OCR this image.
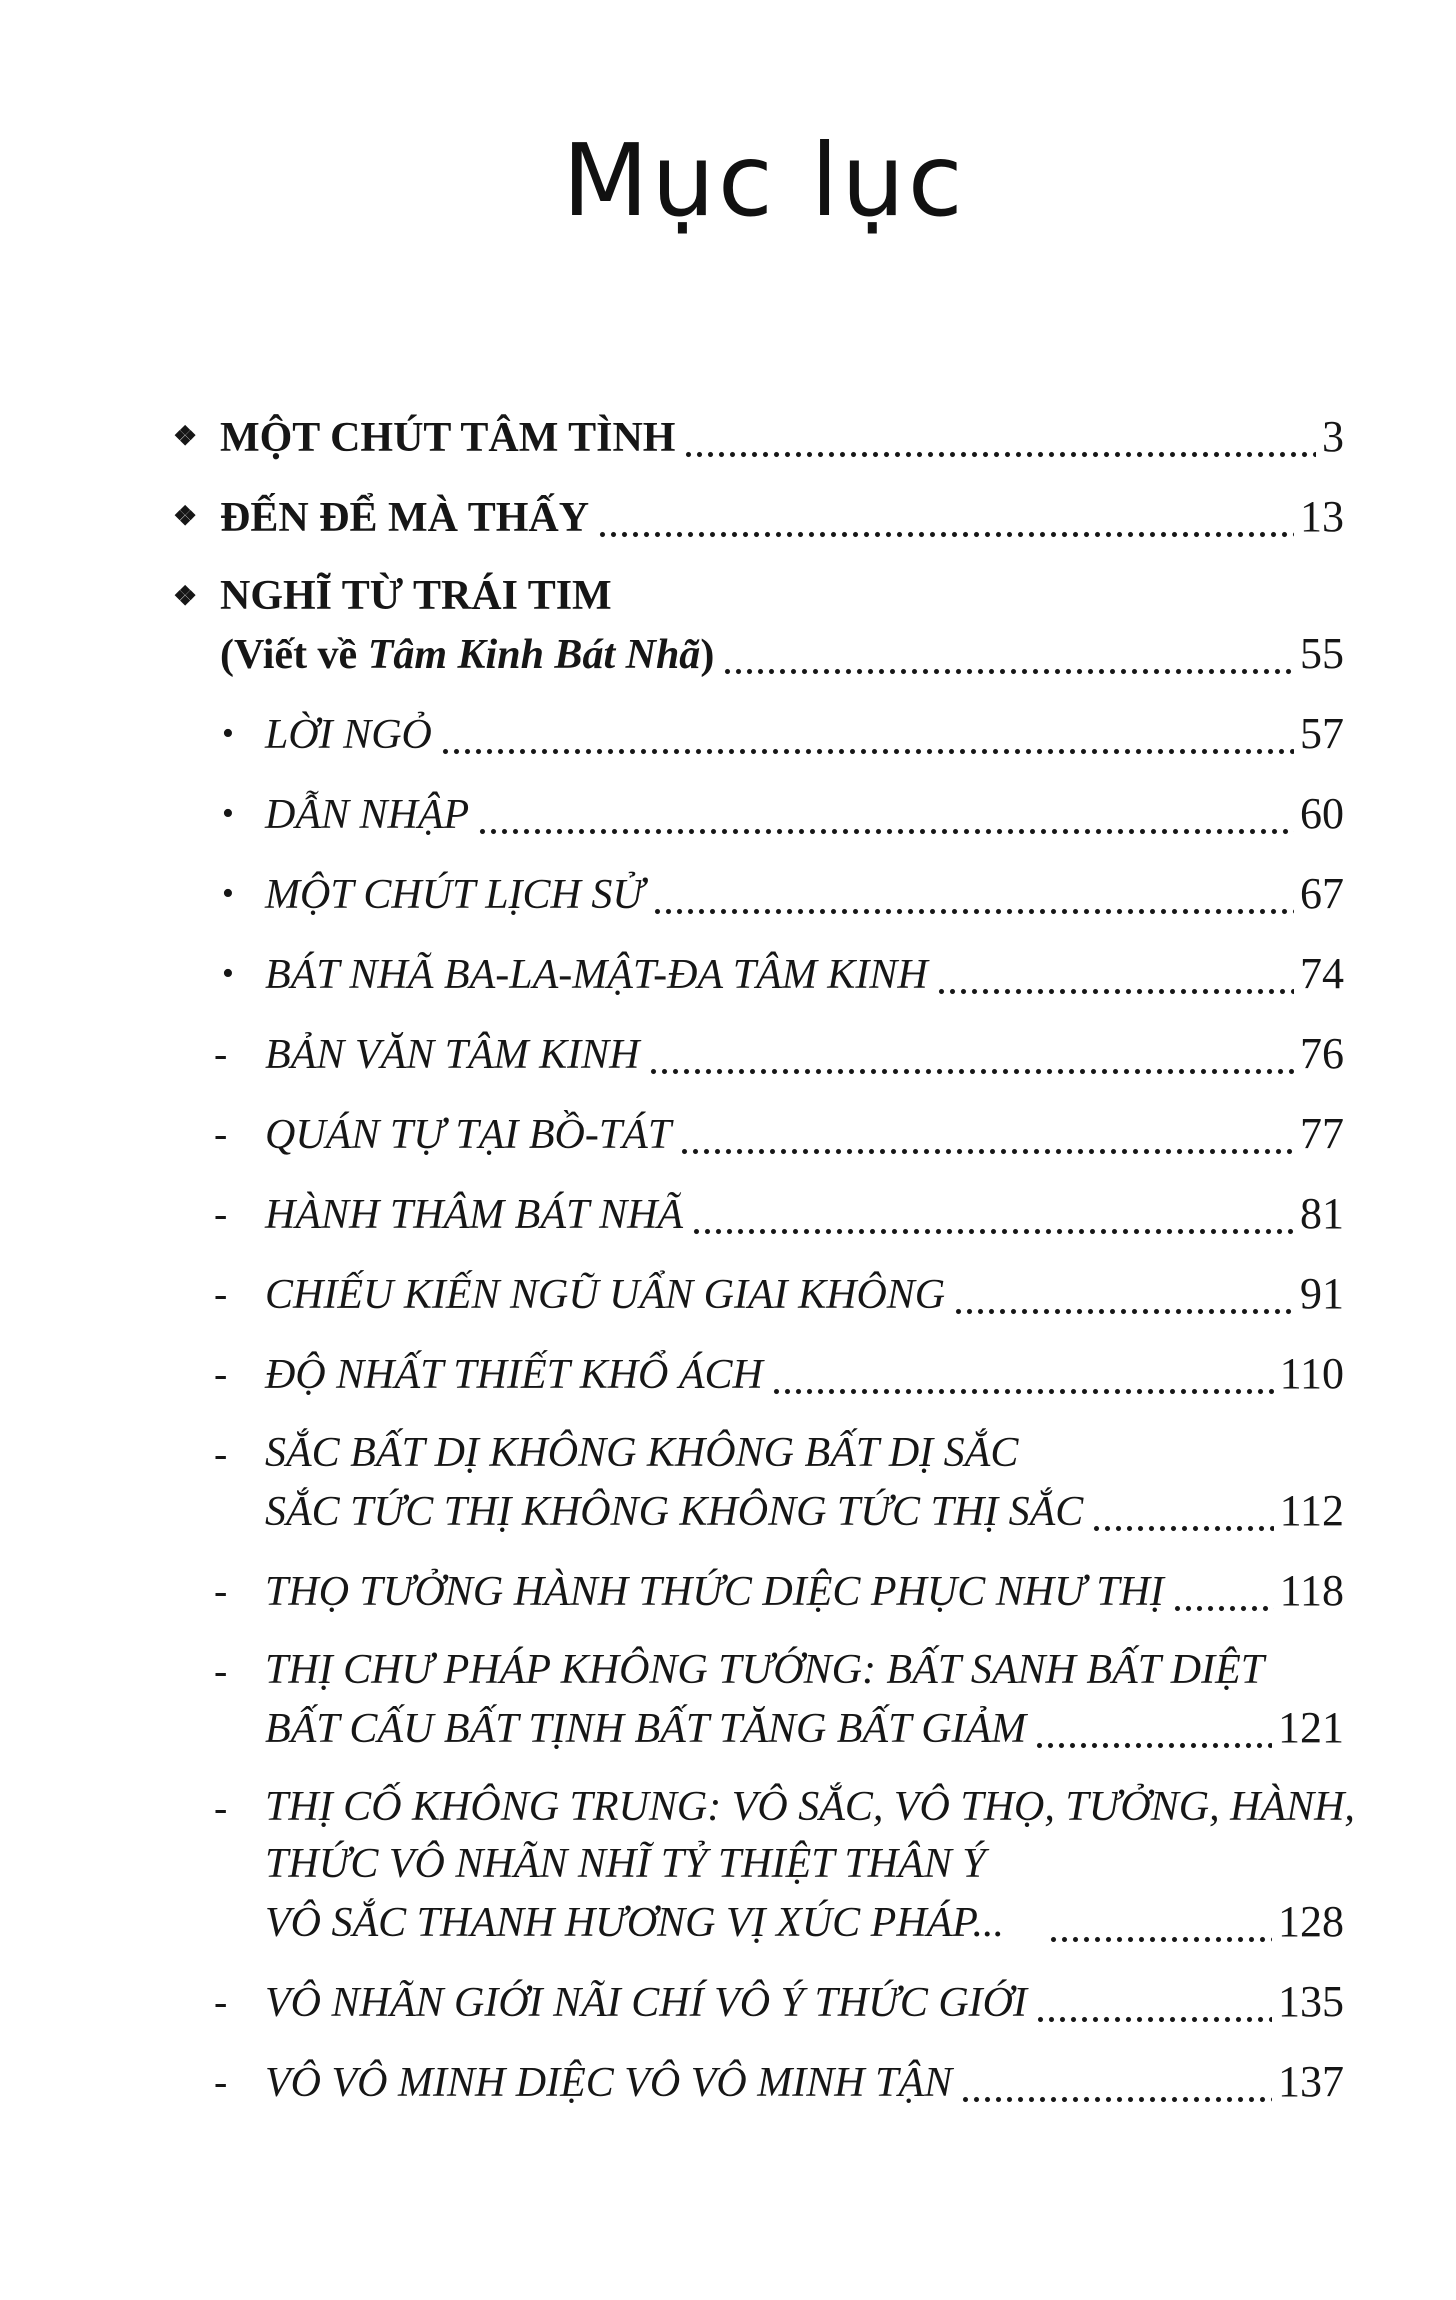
Mục lục
❖ MỘT CHÚT TÂM TÌNH	3
❖ ĐẾN ĐỂ MÀ THẤY	13
❖ NGHĨ TỪ TRÁI TIM
(Viết về Tâm Kinh Bát Nhã)	55
• LỜI NGỎ	57
• DẪN NHẬP	60
• MỘT CHÚT LỊCH SỬ	67
• BÁT NHÃ BA-LA-MẬT-ĐA TÂM KINH	74
- BẢN VĂN TÂM KINH	76
- QUÁN TỰ TẠI BỒ-TÁT	77
- HÀNH THÂM BÁT NHÃ	81
- CHIẾU KIẾN NGŨ UẨN GIAI KHÔNG	91
- ĐỘ NHẤT THIẾT KHỔ ÁCH	110
- SẮC BẤT DỊ KHÔNG KHÔNG BẤT DỊ SẮC
SẮC TỨC THỊ KHÔNG KHÔNG TỨC THỊ SẮC	112
- THỌ TƯỞNG HÀNH THỨC DIỆC PHỤC NHƯ THỊ	118
- THỊ CHƯ PHÁP KHÔNG TƯỚNG: BẤT SANH BẤT DIỆT
BẤT CẤU BẤT TỊNH BẤT TĂNG BẤT GIẢM	121
- THỊ CỐ KHÔNG TRUNG: VÔ SẮC, VÔ THỌ, TƯỞNG, HÀNH,
THỨC VÔ NHÃN NHĨ TỶ THIỆT THÂN Ý
VÔ SẮC THANH HƯƠNG VỊ XÚC PHÁP...	128
- VÔ NHÃN GIỚI NÃI CHÍ VÔ Ý THỨC GIỚI	135
- VÔ VÔ MINH DIỆC VÔ VÔ MINH TẬN	137
